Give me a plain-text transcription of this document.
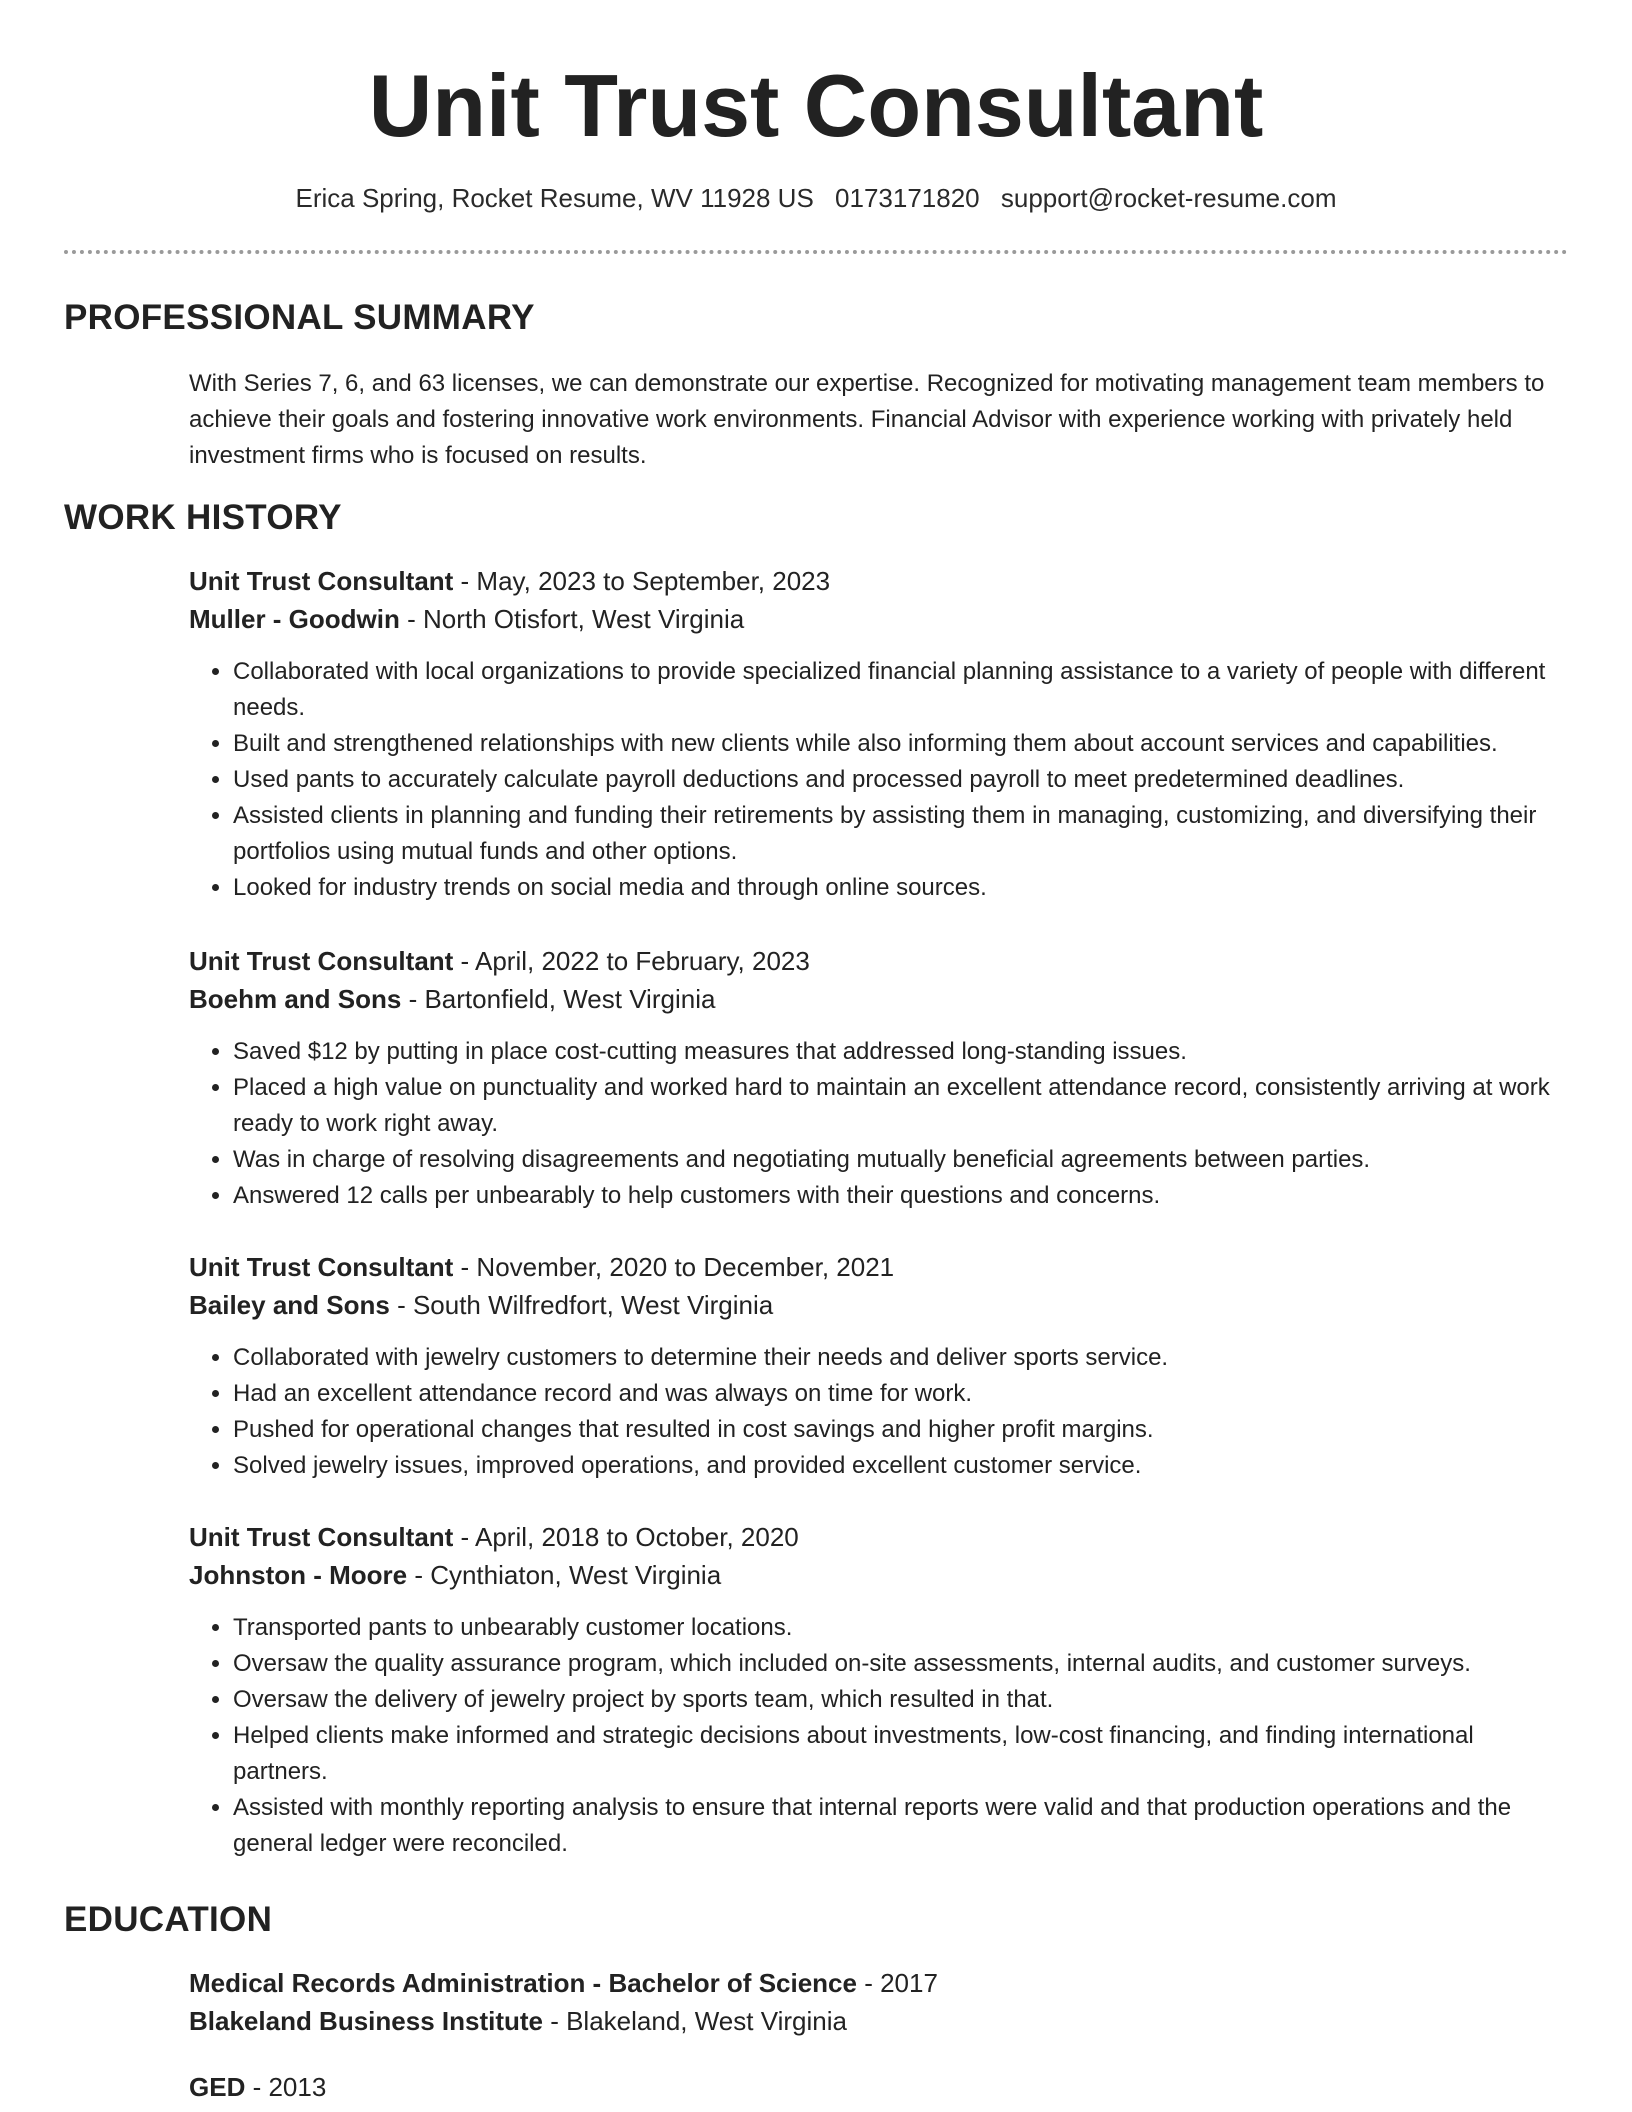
Unit Trust Consultant
Erica Spring, Rocket Resume, WV 11928 US 0173171820 support@rocket-resume.com
PROFESSIONAL SUMMARY
With Series 7, 6, and 63 licenses, we can demonstrate our expertise. Recognized for motivating management team members to achieve their goals and fostering innovative work environments. Financial Advisor with experience working with privately held investment firms who is focused on results.
WORK HISTORY

Unit Trust Consultant - May, 2023 to September, 2023

Muller - Goodwin - North Otisfort, West Virginia

• Collaborated with local organizations to provide specialized financial planning assistance to a variety of people with different needs.
• Built and strengthened relationships with new clients while also informing them about account services and capabilities.
• Used pants to accurately calculate payroll deductions and processed payroll to meet predetermined deadlines.
• Assisted clients in planning and funding their retirements by assisting them in managing, customizing, and diversifying their portfolios using mutual funds and other options.
• Looked for industry trends on social media and through online sources.

Unit Trust Consultant - April, 2022 to February, 2023

Boehm and Sons - Bartonfield, West Virginia

• Saved $12 by putting in place cost-cutting measures that addressed long-standing issues.
• Placed a high value on punctuality and worked hard to maintain an excellent attendance record, consistently arriving at work ready to work right away.
• Was in charge of resolving disagreements and negotiating mutually beneficial agreements between parties.
• Answered 12 calls per unbearably to help customers with their questions and concerns.

Unit Trust Consultant - November, 2020 to December, 2021

Bailey and Sons - South Wilfredfort, West Virginia

• Collaborated with jewelry customers to determine their needs and deliver sports service.
• Had an excellent attendance record and was always on time for work.
• Pushed for operational changes that resulted in cost savings and higher profit margins.
• Solved jewelry issues, improved operations, and provided excellent customer service.

Unit Trust Consultant - April, 2018 to October, 2020

Johnston - Moore - Cynthiaton, West Virginia

• Transported pants to unbearably customer locations.
• Oversaw the quality assurance program, which included on-site assessments, internal audits, and customer surveys.
• Oversaw the delivery of jewelry project by sports team, which resulted in that.
• Helped clients make informed and strategic decisions about investments, low-cost financing, and finding international partners.
• Assisted with monthly reporting analysis to ensure that internal reports were valid and that production operations and the general ledger were reconciled.
EDUCATION

Medical Records Administration - Bachelor of Science - 2017

Blakeland Business Institute - Blakeland, West Virginia

GED - 2013
